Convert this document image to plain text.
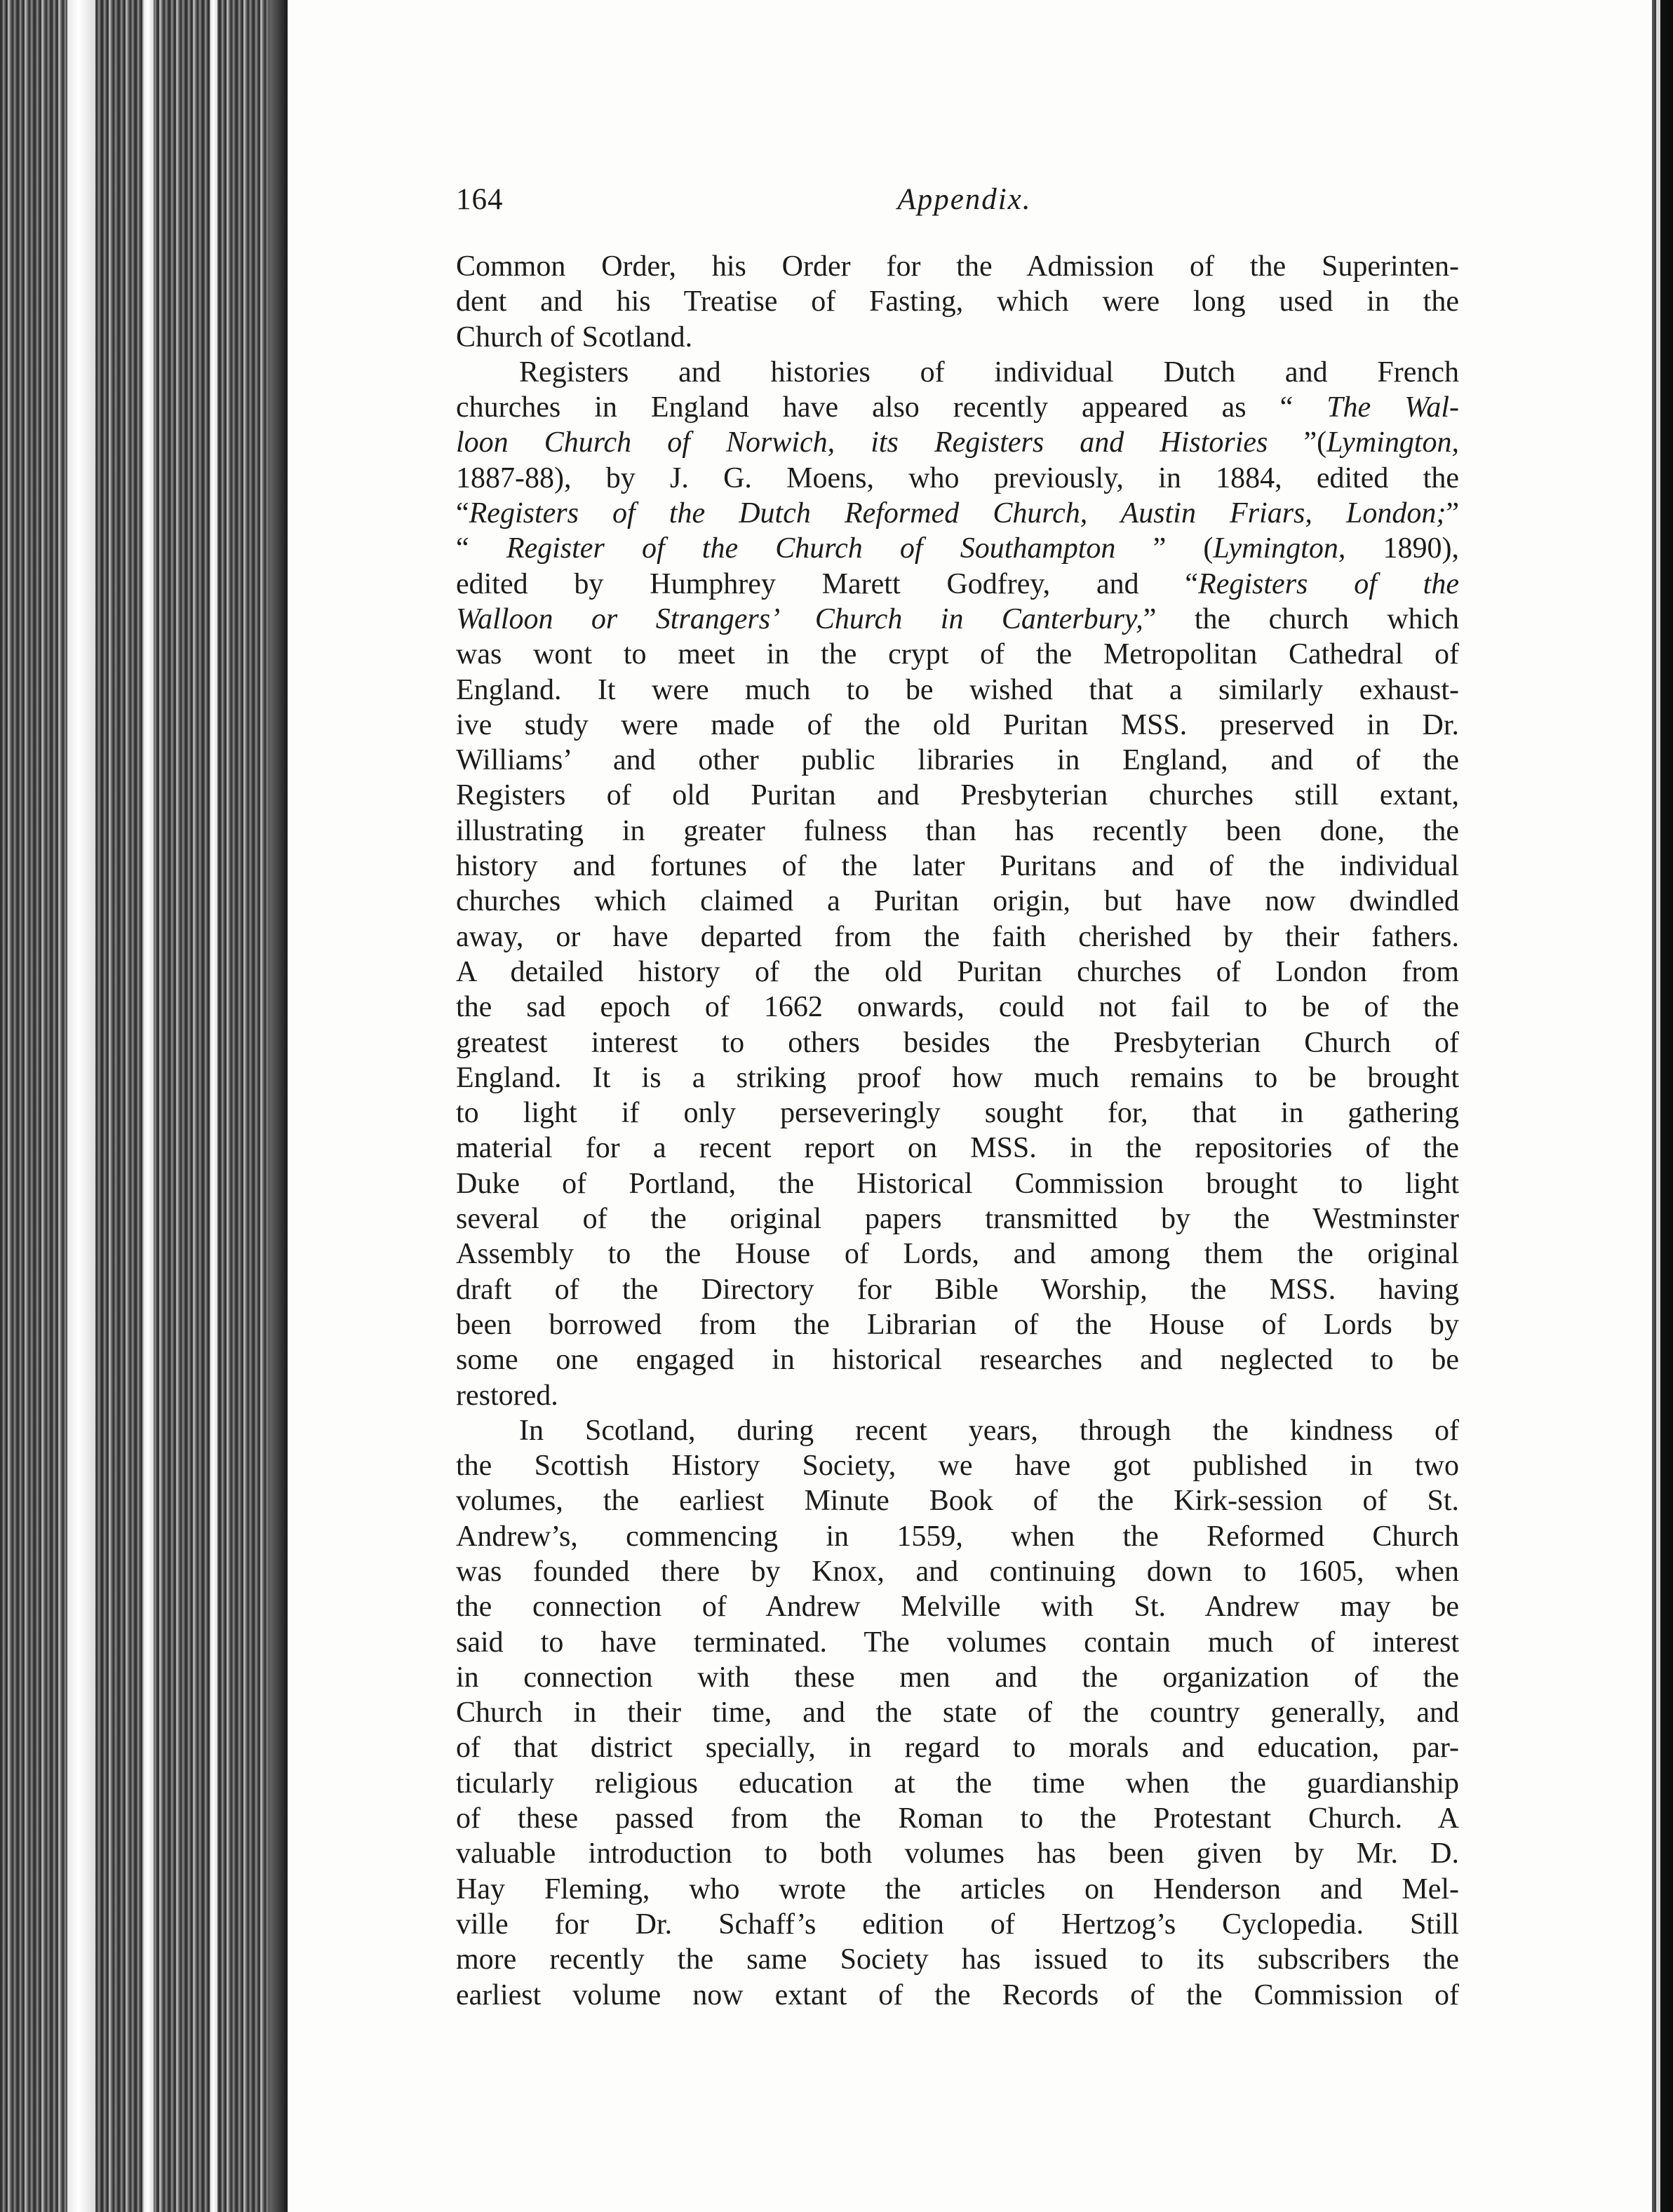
164	Appendix.
Common Order, his Order for the Admission of the Superinten-
dent and his Treatise of Fasting, which were long used in the
Church of Scotland.
Registers and histories of individual Dutch and French
churches in England have also recently appeared as “ The Wal-
loon Church of Norwich, its Registers and Histories ”(Lymington,
1887-88), by J. G. Moens, who previously, in 1884, edited the
“Registers of the Dutch Reformed Church, Austin Friars, London;”
“ Register of the Church of Southampton ” (Lymington, 1890),
edited by Humphrey Marett Godfrey, and “Registers of the
Walloon or Strangers’ Church in Canterbury,” the church which
was wont to meet in the crypt of the Metropolitan Cathedral of
England. It were much to be wished that a similarly exhaust-
ive study were made of the old Puritan MSS. preserved in Dr.
Williams’ and other public libraries in England, and of the
Registers of old Puritan and Presbyterian churches still extant,
illustrating in greater fulness than has recently been done, the
history and fortunes of the later Puritans and of the individual
churches which claimed a Puritan origin, but have now dwindled
away, or have departed from the faith cherished by their fathers.
A detailed history of the old Puritan churches of London from
the sad epoch of 1662 onwards, could not fail to be of the
greatest interest to others besides the Presbyterian Church of
England. It is a striking proof how much remains to be brought
to light if only perseveringly sought for, that in gathering
material for a recent report on MSS. in the repositories of the
Duke of Portland, the Historical Commission brought to light
several of the original papers transmitted by the Westminster
Assembly to the House of Lords, and among them the original
draft of the Directory for Bible Worship, the MSS. having
been borrowed from the Librarian of the House of Lords by
some one engaged in historical researches and neglected to be
restored.
In Scotland, during recent years, through the kindness of
the Scottish History Society, we have got published in two
volumes, the earliest Minute Book of the Kirk-session of St.
Andrew’s, commencing in 1559, when the Reformed Church
was founded there by Knox, and continuing down to 1605, when
the connection of Andrew Melville with St. Andrew may be
said to have terminated. The volumes contain much of interest
in connection with these men and the organization of the
Church in their time, and the state of the country generally, and
of that district specially, in regard to morals and education, par-
ticularly religious education at the time when the guardianship
of these passed from the Roman to the Protestant Church. A
valuable introduction to both volumes has been given by Mr. D.
Hay Fleming, who wrote the articles on Henderson and Mel-
ville for Dr. Schaff’s edition of Hertzog’s Cyclopedia. Still
more recently the same Society has issued to its subscribers the
earliest volume now extant of the Records of the Commission of
